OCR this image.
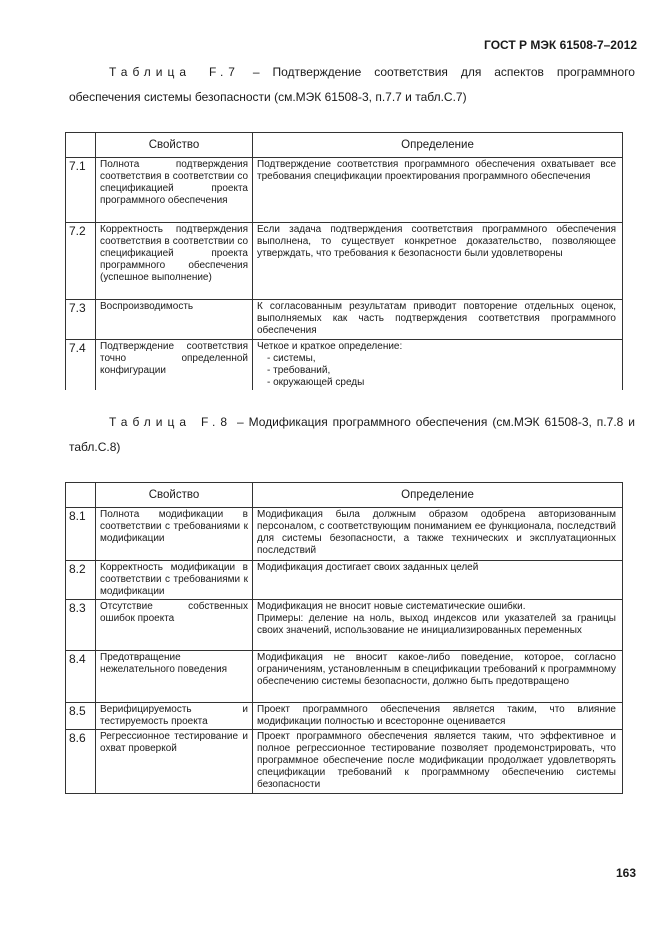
ГОСТ Р МЭК 61508-7–2012
Таблица F.7 – Подтверждение соответствия для аспектов программного обеспечения системы безопасности (см.МЭК 61508-3, п.7.7 и табл.С.7)
	Свойство	Определение
7.1	Полнота подтверждения соответствия в соответствии со спецификацией проекта программного обеспечения	Подтверждение соответствия программного обеспечения охватывает все требования спецификации проектирования программного обеспечения
7.2	Корректность подтверждения соответствия в соответствии со спецификацией проекта программного обеспечения (успешное выполнение)	Если задача подтверждения соответствия программного обеспечения выполнена, то существует конкретное доказательство, позволяющее утверждать, что требования к безопасности были удовлетворены
7.3	Воспроизводимость	К согласованным результатам приводит повторение отдельных оценок, выполняемых как часть подтверждения соответствия программного обеспечения
7.4	Подтверждение соответствия точно определенной конфигурации	Четкое и краткое определение:
- системы,
- требований,
- окружающей среды
Таблица F.8 – Модификация программного обеспечения (см.МЭК 61508-3, п.7.8 и табл.С.8)
	Свойство	Определение
8.1	Полнота модификации в соответствии с требованиями к модификации	Модификация была должным образом одобрена авторизованным персоналом, с соответствующим пониманием ее функционала, последствий для системы безопасности, а также технических и эксплуатационных последствий
8.2	Корректность модификации в соответствии с требованиями к модификации	Модификация достигает своих заданных целей
8.3	Отсутствие собственных ошибок проекта	Модификация не вносит новые систематические ошибки.
Примеры: деление на ноль, выход индексов или указателей за границы своих значений, использование не инициализированных переменных
8.4	Предотвращение нежелательного поведения	Модификация не вносит какое-либо поведение, которое, согласно ограничениям, установленным в спецификации требований к программному обеспечению системы безопасности, должно быть предотвращено
8.5	Верифицируемость и тестируемость проекта	Проект программного обеспечения является таким, что влияние модификации полностью и всесторонне оценивается
8.6	Регрессионное тестирование и охват проверкой	Проект программного обеспечения является таким, что эффективное и полное регрессионное тестирование позволяет продемонстрировать, что программное обеспечение после модификации продолжает удовлетворять спецификации требований к программному обеспечению системы безопасности
163
